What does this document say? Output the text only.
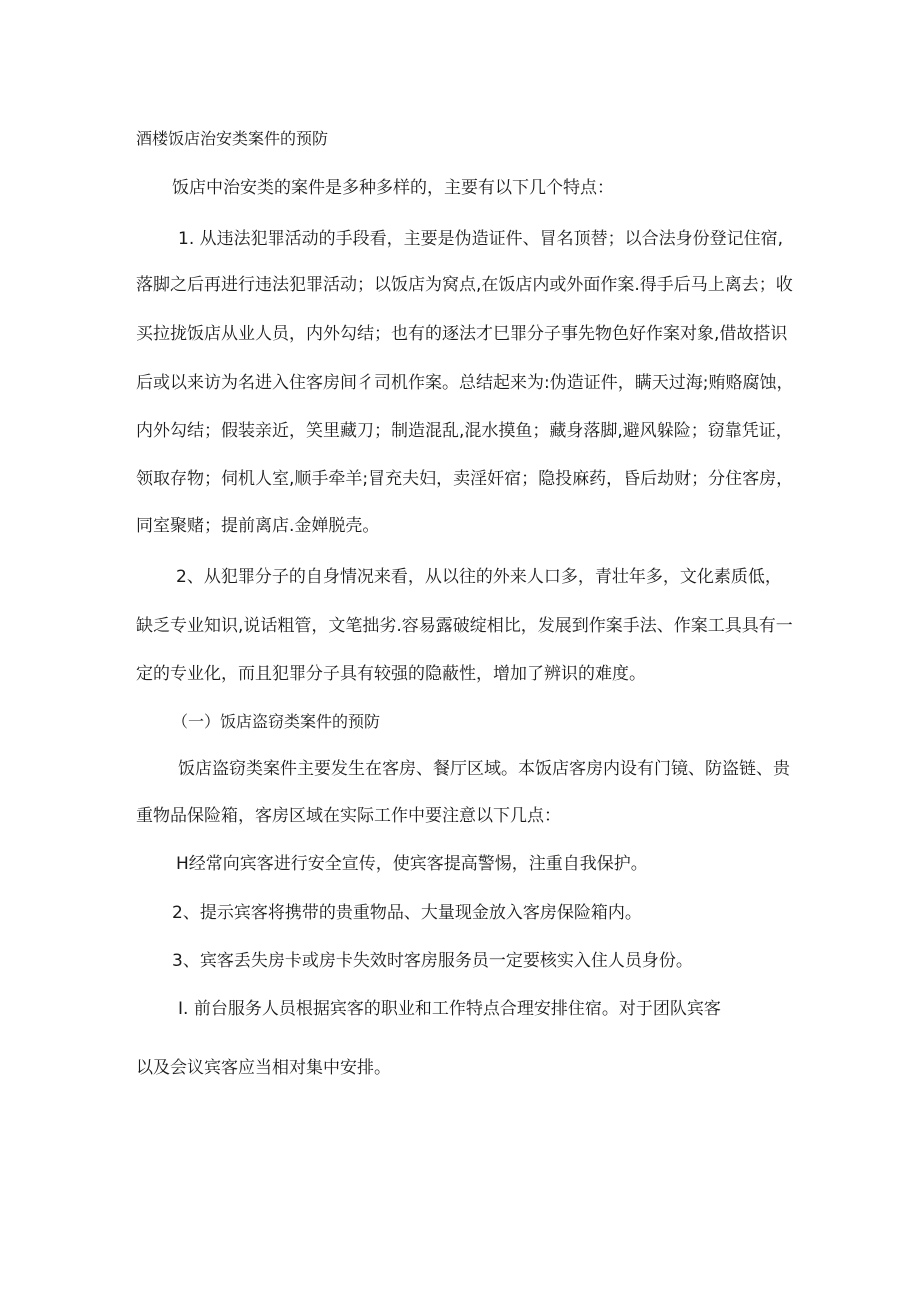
酒楼饭店治安类案件的预防
饭店中治安类的案件是多种多样的，主要有以下几个特点：
1. 从违法犯罪活动的手段看，主要是伪造证件、冒名顶替；以合法身份登记住宿,
落脚之后再进行违法犯罪活动；以饭店为窝点,在饭店内或外面作案.得手后马上离去；收
买拉拢饭店从业人员，内外勾结；也有的逐法才巳罪分子事先物色好作案对象,借故搭识
后或以来访为名进入住客房间彳司机作案。总结起来为:伪造证件，瞒天过海;贿赂腐蚀，
内外勾结；假装亲近，笑里藏刀；制造混乱,混水摸鱼；藏身落脚,避风躲险；窃靠凭证，
领取存物；伺机人室,顺手牵羊;冒充夫妇，卖淫奸宿；隐投麻药，昏后劫财；分住客房，
同室聚赌；提前离店.金婵脱壳。
2、从犯罪分子的自身情况来看，从以往的外来人口多，青壮年多，文化素质低，
缺乏专业知识,说话粗管，文笔拙劣.容易露破绽相比，发展到作案手法、作案工具具有一
定的专业化，而且犯罪分子具有较强的隐蔽性，增加了辨识的难度。
（一）饭店盗窃类案件的预防
饭店盗窃类案件主要发生在客房、餐厅区域。本饭店客房内设有门镜、防盗链、贵
重物品保险箱，客房区域在实际工作中要注意以下几点：
H经常向宾客进行安全宣传，使宾客提高警惕，注重自我保护。
2、提示宾客将携带的贵重物品、大量现金放入客房保险箱内。
3、宾客丢失房卡或房卡失效时客房服务员一定要核实入住人员身份。
I. 前台服务人员根据宾客的职业和工作特点合理安排住宿。对于团队宾客
以及会议宾客应当相对集中安排。
